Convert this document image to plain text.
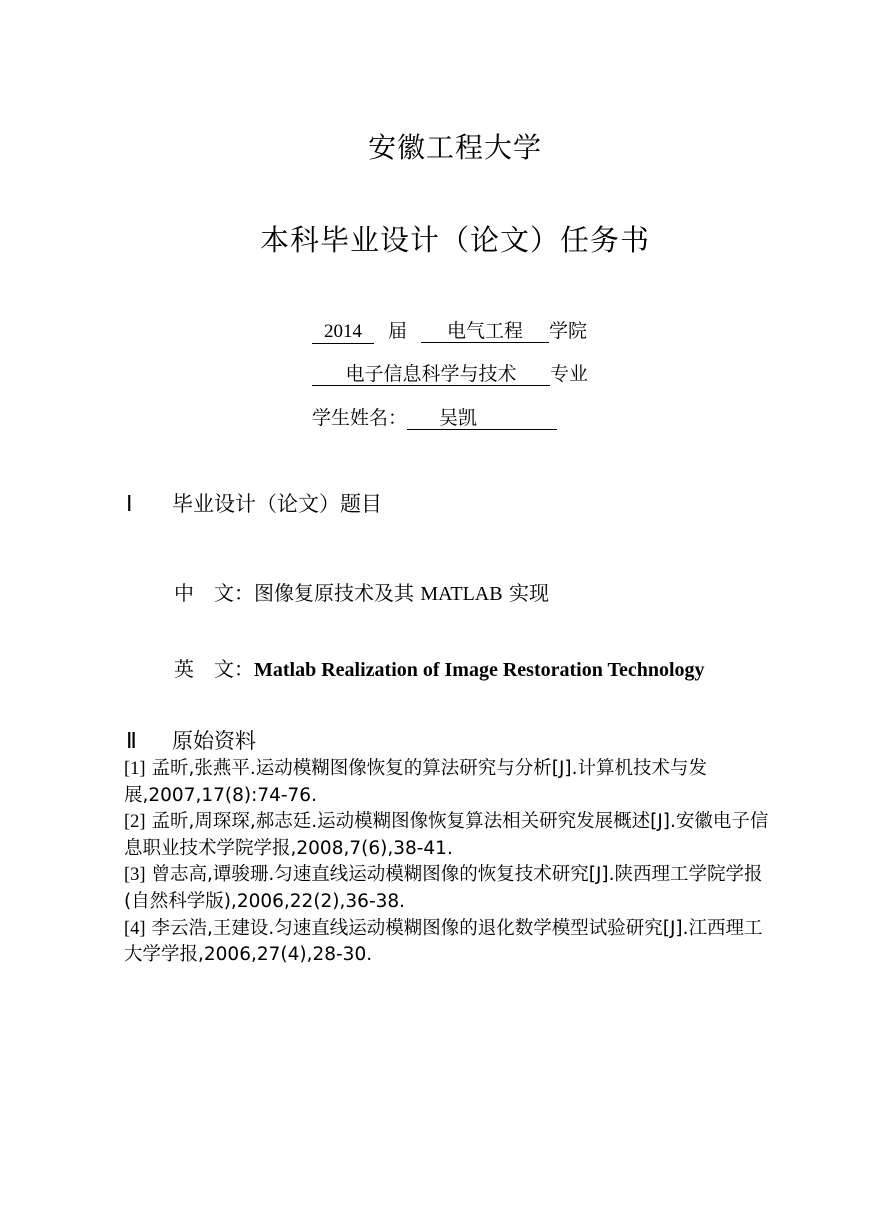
安徽工程大学
本科毕业设计（论文）任务书
2014 届 电气工程 学院
电子信息科学与技术 专业
学生姓名： 吴凯
Ⅰ 毕业设计（论文）题目
中　文：图像复原技术及其 MATLAB 实现
英　文：Matlab Realization of Image Restoration Technology
Ⅱ 原始资料

[1] 孟昕,张燕平.运动模糊图像恢复的算法研究与分析[J].计算机技术与发展,2007,17(8):74-76.

[2] 孟昕,周琛琛,郝志廷.运动模糊图像恢复算法相关研究发展概述[J].安徽电子信息职业技术学院学报,2008,7(6),38-41.

[3] 曾志高,谭骏珊.匀速直线运动模糊图像的恢复技术研究[J].陕西理工学院学报(自然科学版),2006,22(2),36-38.

[4] 李云浩,王建设.匀速直线运动模糊图像的退化数学模型试验研究[J].江西理工大学学报,2006,27(4),28-30.
